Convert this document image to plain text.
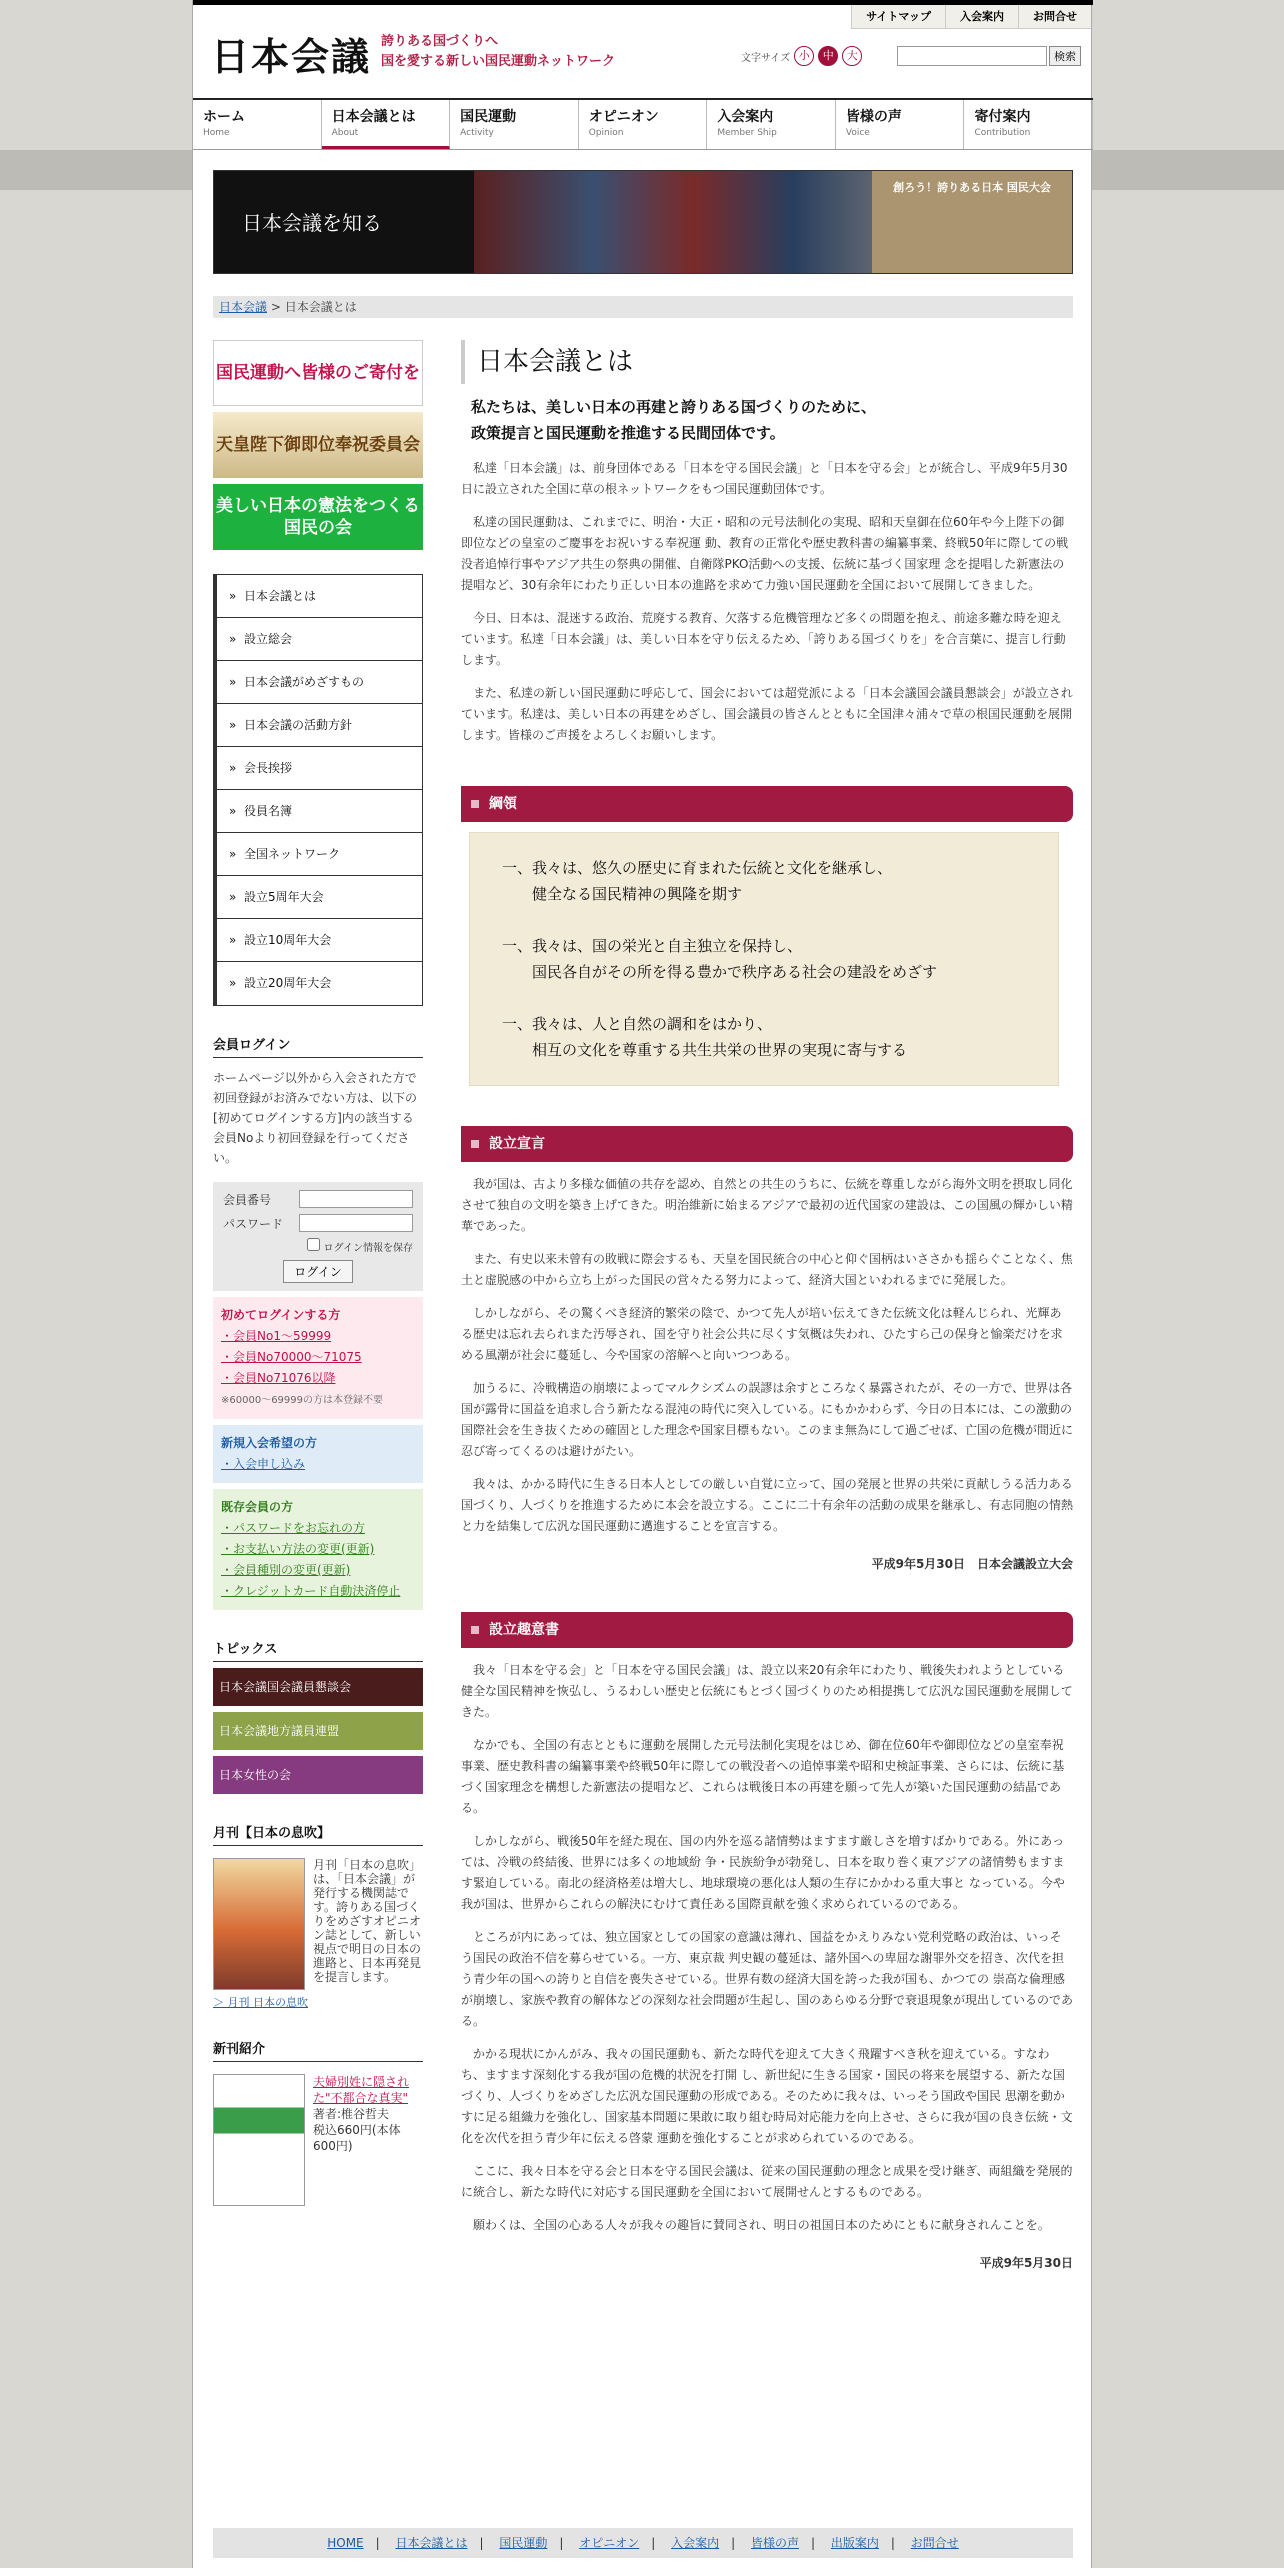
サイトマップ	入会案内	お問合せ
日本会議 誇りある国づくりへ
国を愛する新しい国民運動ネットワーク	文字サイズ 小	中	大	検索
ホーム
Home
日本会議とは
About
国民運動
Activity
オピニオン
Opinion
入会案内
Member Ship
皆様の声
Voice
寄付案内
Contribution
日本会議を知る
創ろう！誇りある日本 国民大会
日本会議 > 日本会議とは
国民運動へ皆様のご寄付を
天皇陛下御即位奉祝委員会
美しい日本の憲法をつくる国民の会
»  日本会議とは
»  設立総会
»  日本会議がめざすもの
»  日本会議の活動方針
»  会長挨拶
»  役員名簿
»  全国ネットワーク
»  設立5周年大会
»  設立10周年大会
»  設立20周年大会
会員ログイン
ホームページ以外から入会された方で初回登録がお済みでない方は、以下の[初めてログインする方]内の該当する会員Noより初回登録を行ってください。
会員番号
パスワード
ログイン情報を保存
ログイン
初めてログインする方
・会員No1～59999
・会員No70000～71075
・会員No71076以降
※60000～69999の方は本登録不要
新規入会希望の方
・入会申し込み
既存会員の方
・パスワードをお忘れの方
・お支払い方法の変更(更新)
・会員種別の変更(更新)
・クレジットカード自動決済停止
トピックス
日本会議国会議員懇談会
日本会議地方議員連盟
日本女性の会
月刊【日本の息吹】
月刊「日本の息吹」は、「日本会議」が発行する機関誌です。誇りある国づくりをめざすオピニオン誌として、新しい視点で明日の日本の進路と、日本再発見を提言します。
＞ 月刊 日本の息吹
新刊紹介
夫婦別姓に隠された"不都合な真実"
著者:椎谷哲夫
税込660円(本体600円)
日本会議とは
私たちは、美しい日本の再建と誇りある国づくりのために、
政策提言と国民運動を推進する民間団体です。

私達「日本会議」は、前身団体である「日本を守る国民会議」と「日本を守る会」とが統合し、平成9年5月30日に設立された全国に草の根ネットワークをもつ国民運動団体です。

私達の国民運動は、これまでに、明治・大正・昭和の元号法制化の実現、昭和天皇御在位60年や今上陛下の御即位などの皇室のご慶事をお祝いする奉祝運 動、教育の正常化や歴史教科書の編纂事業、終戦50年に際しての戦没者追悼行事やアジア共生の祭典の開催、自衛隊PKO活動への支援、伝統に基づく国家理 念を提唱した新憲法の提唱など、30有余年にわたり正しい日本の進路を求めて力強い国民運動を全国において展開してきました。

今日、日本は、混迷する政治、荒廃する教育、欠落する危機管理など多くの問題を抱え、前途多難な時を迎えています。私達「日本会議」は、美しい日本を守り伝えるため、「誇りある国づくりを」を合言葉に、提言し行動します。

また、私達の新しい国民運動に呼応して、国会においては超党派による「日本会議国会議員懇談会」が設立されています。私達は、美しい日本の再建をめざし、国会議員の皆さんとともに全国津々浦々で草の根国民運動を展開します。皆様のご声援をよろしくお願いします。

綱領

一、我々は、悠久の歴史に育まれた伝統と文化を継承し、
　　健全なる国民精神の興隆を期す

一、我々は、国の栄光と自主独立を保持し、
　　国民各自がその所を得る豊かで秩序ある社会の建設をめざす

一、我々は、人と自然の調和をはかり、
　　相互の文化を尊重する共生共栄の世界の実現に寄与する

設立宣言

我が国は、古より多様な価値の共存を認め、自然との共生のうちに、伝統を尊重しながら海外文明を摂取し同化させて独自の文明を築き上げてきた。明治維新に始まるアジアで最初の近代国家の建設は、この国風の輝かしい精華であった。

また、有史以来未曾有の敗戦に際会するも、天皇を国民統合の中心と仰ぐ国柄はいささかも揺らぐことなく、焦土と虚脱感の中から立ち上がった国民の営々たる努力によって、経済大国といわれるまでに発展した。

しかしながら、その驚くべき経済的繁栄の陰で、かつて先人が培い伝えてきた伝統文化は軽んじられ、光輝ある歴史は忘れ去られまた汚辱され、国を守り社会公共に尽くす気概は失われ、ひたすら己の保身と愉楽だけを求める風潮が社会に蔓延し、今や国家の溶解へと向いつつある。

加うるに、冷戦構造の崩壊によってマルクシズムの誤謬は余すところなく暴露されたが、その一方で、世界は各国が露骨に国益を追求し合う新たなる混沌の時代に突入している。にもかかわらず、今日の日本には、この激動の国際社会を生き抜くための確固とした理念や国家目標もない。このまま無為にして過ごせば、亡国の危機が間近に忍び寄ってくるのは避けがたい。

我々は、かかる時代に生きる日本人としての厳しい自覚に立って、国の発展と世界の共栄に貢献しうる活力ある国づくり、人づくりを推進するために本会を設立する。ここに二十有余年の活動の成果を継承し、有志同胞の情熱と力を結集して広汎な国民運動に邁進することを宣言する。

平成9年5月30日　日本会議設立大会
設立趣意書

我々「日本を守る会」と「日本を守る国民会議」は、設立以来20有余年にわたり、戦後失われようとしている健全な国民精神を恢弘し、うるわしい歴史と伝統にもとづく国づくりのため相提携して広汎な国民運動を展開してきた。

なかでも、全国の有志とともに運動を展開した元号法制化実現をはじめ、御在位60年や御即位などの皇室奉祝事業、歴史教科書の編纂事業や終戦50年に際しての戦没者への追悼事業や昭和史検証事業、さらには、伝統に基づく国家理念を構想した新憲法の提唱など、これらは戦後日本の再建を願って先人が築いた国民運動の結晶である。

しかしながら、戦後50年を経た現在、国の内外を巡る諸情勢はますます厳しさを増すばかりである。外にあっては、冷戦の終結後、世界には多くの地域紛 争・民族紛争が勃発し、日本を取り巻く東アジアの諸情勢もますます緊迫している。南北の経済格差は増大し、地球環境の悪化は人類の生存にかかわる重大事と なっている。今や我が国は、世界からこれらの解決にむけて責任ある国際貢献を強く求められているのである。

ところが内にあっては、独立国家としての国家の意識は薄れ、国益をかえりみない党利党略の政治は、いっそう国民の政治不信を募らせている。一方、東京裁 判史観の蔓延は、諸外国への卑屈な謝罪外交を招き、次代を担う青少年の国への誇りと自信を喪失させている。世界有数の経済大国を誇った我が国も、かつての 崇高な倫理感が崩壊し、家族や教育の解体などの深刻な社会問題が生起し、国のあらゆる分野で衰退現象が現出しているのである。

かかる現状にかんがみ、我々の国民運動も、新たな時代を迎えて大きく飛躍すべき秋を迎えている。すなわち、ますます深刻化する我が国の危機的状況を打開 し、新世紀に生きる国家・国民の将来を展望する、新たな国づくり、人づくりをめざした広汎な国民運動の形成である。そのために我々は、いっそう国政や国民 思潮を動かすに足る組織力を強化し、国家基本問題に果敢に取り組む時局対応能力を向上させ、さらに我が国の良き伝統・文化を次代を担う青少年に伝える啓蒙 運動を強化することが求められているのである。

ここに、我々日本を守る会と日本を守る国民会議は、従来の国民運動の理念と成果を受け継ぎ、両組織を発展的に統合し、新たな時代に対応する国民運動を全国において展開せんとするものである。

願わくは、全国の心ある人々が我々の趣旨に賛同され、明日の祖国日本のためにともに献身されんことを。

平成9年5月30日
HOME | 日本会議とは | 国民運動 | オピニオン | 入会案内 | 皆様の声 | 出版案内 | お問合せ
